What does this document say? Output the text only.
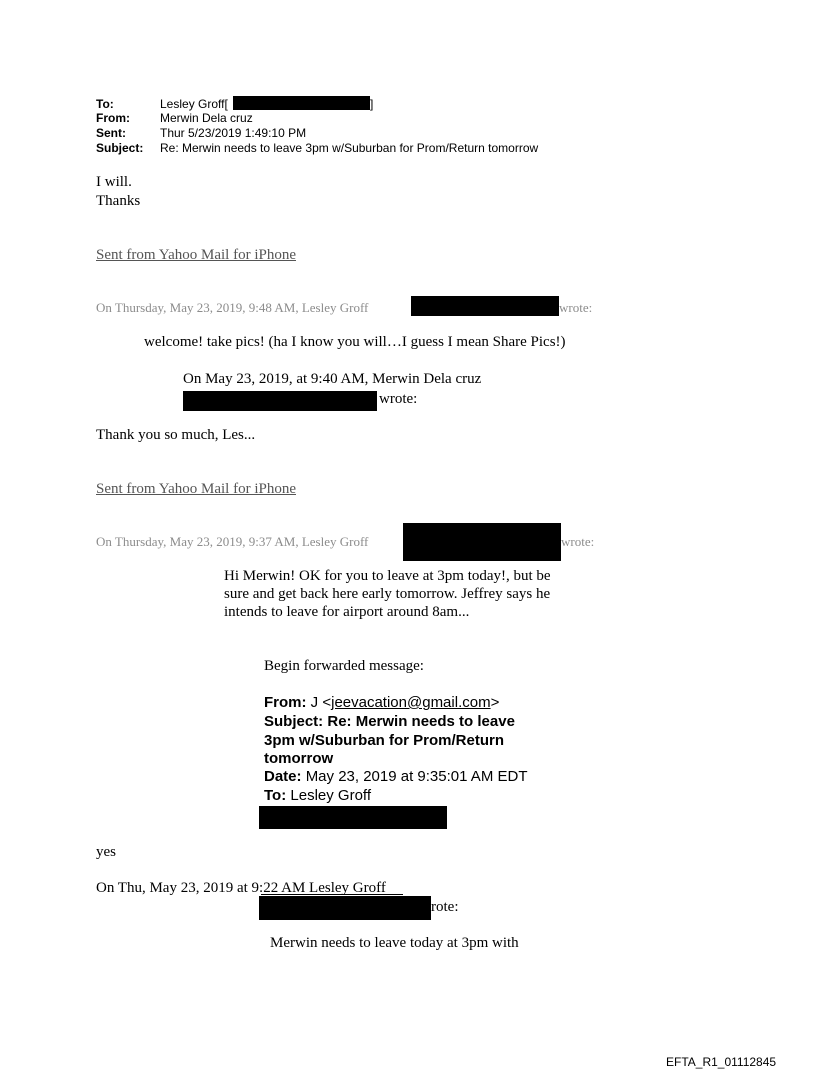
To:	Lesley Groff[	]
From:	Merwin Dela cruz
Sent:	Thur 5/23/2019 1:49:10 PM
Subject: Re: Merwin needs to leave 3pm w/Suburban for Prom/Return tomorrow
I will.
Thanks
Sent from Yahoo Mail for iPhone
On Thursday, May 23, 2019, 9:48 AM, Lesley Groff	wrote:
welcome! take pics! (ha I know you will…I guess I mean Share Pics!)
On May 23, 2019, at 9:40 AM, Merwin Dela cruz
wrote:
Thank you so much, Les...
Sent from Yahoo Mail for iPhone
On Thursday, May 23, 2019, 9:37 AM, Lesley Groff	wrote:
Hi Merwin! OK for you to leave at 3pm today!, but be
sure and get back here early tomorrow. Jeffrey says he
intends to leave for airport around 8am...
Begin forwarded message:
From: J <jeevacation@gmail.com>
Subject: Re: Merwin needs to leave
3pm w/Suburban for Prom/Return
tomorrow
Date: May 23, 2019 at 9:35:01 AM EDT
To: Lesley Groff
yes
On Thu, May 23, 2019 at 9:22 AM Lesley Groff
rote:
Merwin needs to leave today at 3pm with
EFTA_R1_01112845
